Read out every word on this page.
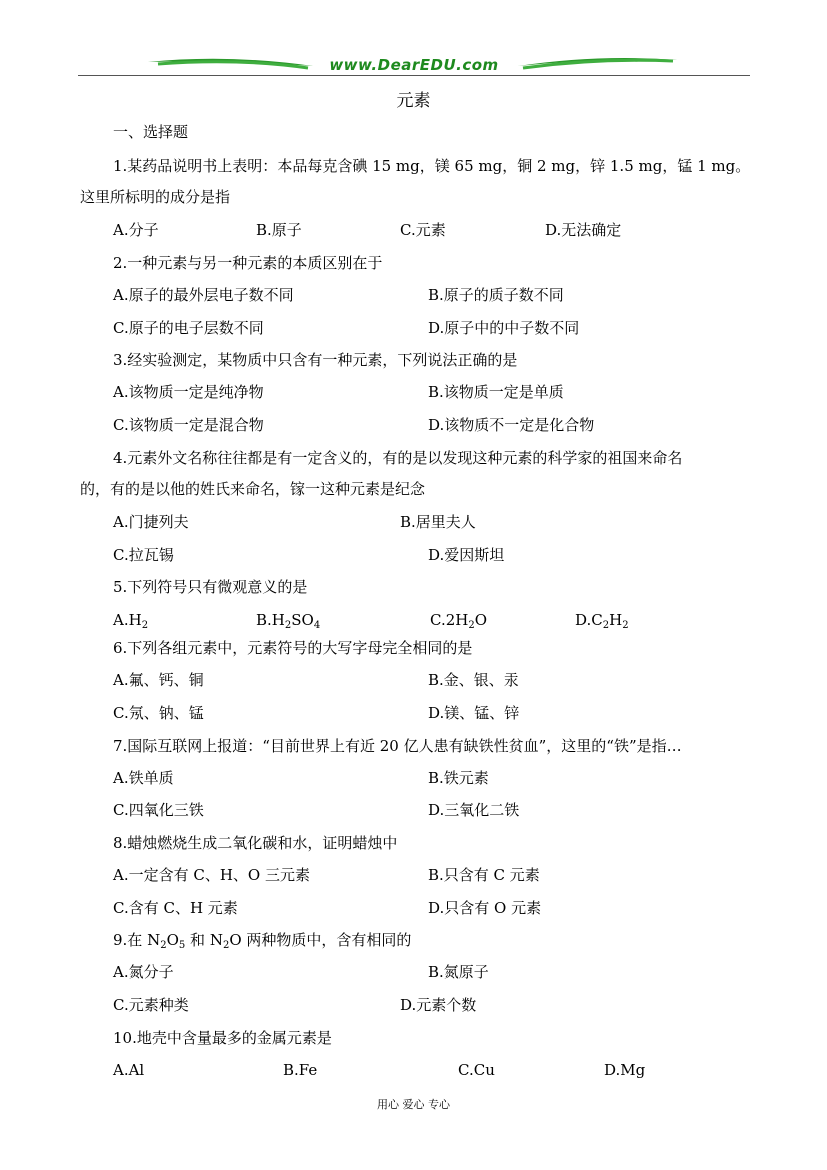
www.DearEDU.com
元素
一、选择题
1.某药品说明书上表明：本品每克含碘 15 mg，镁 65 mg，铜 2 mg，锌 1.5 mg，锰 1 mg。
这里所标明的成分是指
A.分子	B.原子	C.元素	D.无法确定
2.一种元素与另一种元素的本质区别在于
A.原子的最外层电子数不同	B.原子的质子数不同
C.原子的电子层数不同	D.原子中的中子数不同
3.经实验测定，某物质中只含有一种元素，下列说法正确的是
A.该物质一定是纯净物	B.该物质一定是单质
C.该物质一定是混合物	D.该物质不一定是化合物
4.元素外文名称往往都是有一定含义的，有的是以发现这种元素的科学家的祖国来命名
的，有的是以他的姓氏来命名，镓一这种元素是纪念
A.门捷列夫	B.居里夫人
C.拉瓦锡	D.爱因斯坦
5.下列符号只有微观意义的是
$A.H_2$	$B.H_2SO_4$	$C.2H_2O$	$D.C_2H_2$
6.下列各组元素中，元素符号的大写字母完全相同的是
A.氟、钙、铜	B.金、银、汞
C.氖、钠、锰	D.镁、锰、锌
7.国际互联网上报道：“目前世界上有近 20 亿人患有缺铁性贫血”，这里的“铁”是指…
A.铁单质	B.铁元素
C.四氧化三铁	D.三氧化二铁
8.蜡烛燃烧生成二氧化碳和水，证明蜡烛中
A.一定含有 C、H、O 三元素	B.只含有 C 元素
C.含有 C、H 元素	D.只含有 O 元素
9.在 $N_2O_5$ 和 $N_2O$ 两种物质中，含有相同的
A.氮分子	B.氮原子
C.元素种类	D.元素个数
10.地壳中含量最多的金属元素是
A.Al	B.Fe	C.Cu	D.Mg
用心 爱心 专心
